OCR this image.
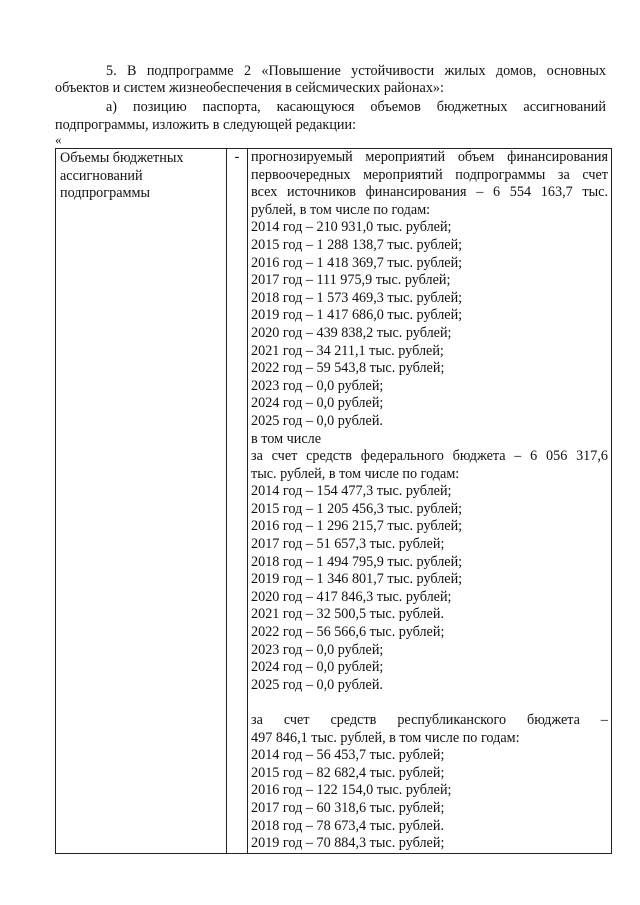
5. В подпрограмме 2 «Повышение устойчивости жилых домов, основных
объектов и систем жизнеобеспечения в сейсмических районах»:
а) позицию паспорта, касающуюся объемов бюджетных ассигнований
подпрограммы, изложить в следующей редакции:
«
Объемы бюджетных
ассигнований
подпрограммы
	-	прогнозируемый мероприятий объем финансирования
первоочередных мероприятий подпрограммы за счет
всех источников финансирования – 6 554 163,7 тыс.
рублей, в том числе по годам:
2014 год – 210 931,0 тыс. рублей;
2015 год – 1 288 138,7 тыс. рублей;
2016 год – 1 418 369,7 тыс. рублей;
2017 год – 111 975,9 тыс. рублей;
2018 год – 1 573 469,3 тыс. рублей;
2019 год – 1 417 686,0 тыс. рублей;
2020 год – 439 838,2 тыс. рублей;
2021 год – 34 211,1 тыс. рублей;
2022 год – 59 543,8 тыс. рублей;
2023 год – 0,0 рублей;
2024 год – 0,0 рублей;
2025 год – 0,0 рублей.
в том числе
за счет средств федерального бюджета – 6 056 317,6
тыс. рублей, в том числе по годам:
2014 год – 154 477,3 тыс. рублей;
2015 год – 1 205 456,3 тыс. рублей;
2016 год – 1 296 215,7 тыс. рублей;
2017 год – 51 657,3 тыс. рублей;
2018 год – 1 494 795,9 тыс. рублей;
2019 год – 1 346 801,7 тыс. рублей;
2020 год – 417 846,3 тыс. рублей;
2021 год – 32 500,5 тыс. рублей.
2022 год – 56 566,6 тыс. рублей;
2023 год – 0,0 рублей;
2024 год – 0,0 рублей;
2025 год – 0,0 рублей.
за счет средств республиканского бюджета –
497 846,1 тыс. рублей, в том числе по годам:
2014 год – 56 453,7 тыс. рублей;
2015 год – 82 682,4 тыс. рублей;
2016 год – 122 154,0 тыс. рублей;
2017 год – 60 318,6 тыс. рублей;
2018 год – 78 673,4 тыс. рублей.
2019 год – 70 884,3 тыс. рублей;
